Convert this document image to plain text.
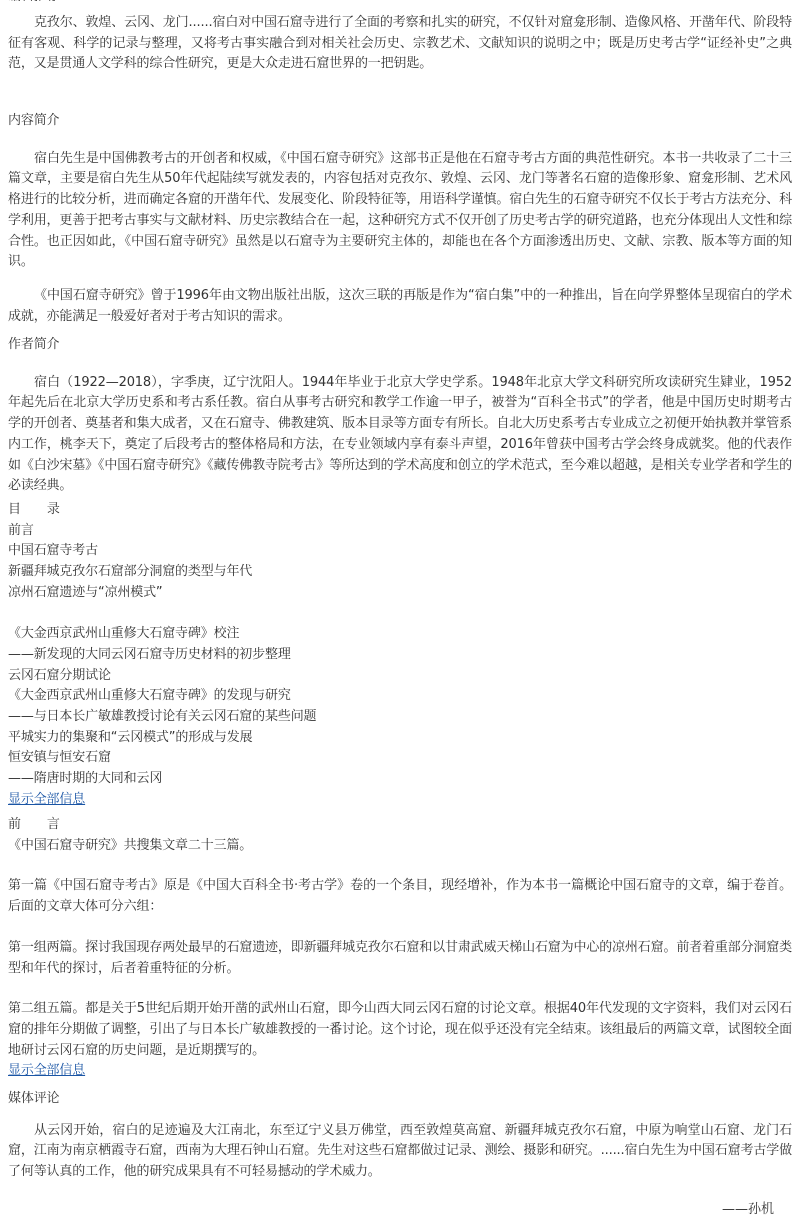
克孜尔、敦煌、云冈、龙门......宿白对中国石窟寺进行了全面的考察和扎实的研究，不仅针对窟龛形制、造像风格、开凿年代、阶段特征有客观、科学的记录与整理，又将考古事实融合到对相关社会历史、宗教艺术、文献知识的说明之中；既是历史考古学“证经补史”之典范，又是贯通人文学科的综合性研究，更是大众走进石窟世界的一把钥匙。

内容简介

宿白先生是中国佛教考古的开创者和权威，《中国石窟寺研究》这部书正是他在石窟寺考古方面的典范性研究。本书一共收录了二十三篇文章，主要是宿白先生从50年代起陆续写就发表的，内容包括对克孜尔、敦煌、云冈、龙门等著名石窟的造像形象、窟龛形制、艺术风格进行的比较分析，进而确定各窟的开凿年代、发展变化、阶段特征等，用语科学谨慎。宿白先生的石窟寺研究不仅长于考古方法充分、科学利用，更善于把考古事实与文献材料、历史宗教结合在一起，这种研究方式不仅开创了历史考古学的研究道路，也充分体现出人文性和综合性。也正因如此，《中国石窟寺研究》虽然是以石窟寺为主要研究主体的，却能也在各个方面渗透出历史、文献、宗教、版本等方面的知识。

《中国石窟寺研究》曾于1996年由文物出版社出版，这次三联的再版是作为“宿白集”中的一种推出，旨在向学界整体呈现宿白的学术成就，亦能满足一般爱好者对于考古知识的需求。

作者简介

宿白（1922—2018），字季庚，辽宁沈阳人。1944年毕业于北京大学史学系。1948年北京大学文科研究所攻读研究生肄业，1952年起先后在北京大学历史系和考古系任教。宿白从事考古研究和教学工作逾一甲子，被誉为“百科全书式”的学者，他是中国历史时期考古学的开创者、奠基者和集大成者，又在石窟寺、佛教建筑、版本目录等方面专有所长。自北大历史系考古专业成立之初便开始执教并掌管系内工作，桃李天下，奠定了后段考古的整体格局和方法，在专业领域内享有泰斗声望，2016年曾获中国考古学会终身成就奖。他的代表作如《白沙宋墓》《中国石窟寺研究》《藏传佛教寺院考古》等所达到的学术高度和创立的学术范式，至今难以超越，是相关专业学者和学生的必读经典。

目 录

前言

中国石窟寺考古

新疆拜城克孜尔石窟部分洞窟的类型与年代

凉州石窟遗迹与“凉州模式”

《大金西京武州山重修大石窟寺碑》校注

——新发现的大同云冈石窟寺历史材料的初步整理

云冈石窟分期试论

《大金西京武州山重修大石窟寺碑》的发现与研究

——与日本长广敏雄教授讨论有关云冈石窟的某些问题

平城实力的集聚和“云冈模式”的形成与发展

恒安镇与恒安石窟

——隋唐时期的大同和云冈

显示全部信息

前 言

《中国石窟寺研究》共搜集文章二十三篇。

第一篇《中国石窟寺考古》原是《中国大百科全书·考古学》卷的一个条目，现经增补，作为本书一篇概论中国石窟寺的文章，编于卷首。后面的文章大体可分六组：

第一组两篇。探讨我国现存两处最早的石窟遗迹，即新疆拜城克孜尔石窟和以甘肃武威天梯山石窟为中心的凉州石窟。前者着重部分洞窟类型和年代的探讨，后者着重特征的分析。

第二组五篇。都是关于5世纪后期开始开凿的武州山石窟，即今山西大同云冈石窟的讨论文章。根据40年代发现的文字资料，我们对云冈石窟的排年分期做了调整，引出了与日本长广敏雄教授的一番讨论。这个讨论，现在似乎还没有完全结束。该组最后的两篇文章，试图较全面地研讨云冈石窟的历史问题，是近期撰写的。

显示全部信息

媒体评论

从云冈开始，宿白的足迹遍及大江南北，东至辽宁义县万佛堂，西至敦煌莫高窟、新疆拜城克孜尔石窟，中原为响堂山石窟、龙门石窟，江南为南京栖霞寺石窟，西南为大理石钟山石窟。先生对这些石窟都做过记录、测绘、摄影和研究。......宿白先生为中国石窟考古学做了何等认真的工作，他的研究成果具有不可轻易撼动的学术威力。

——孙机
